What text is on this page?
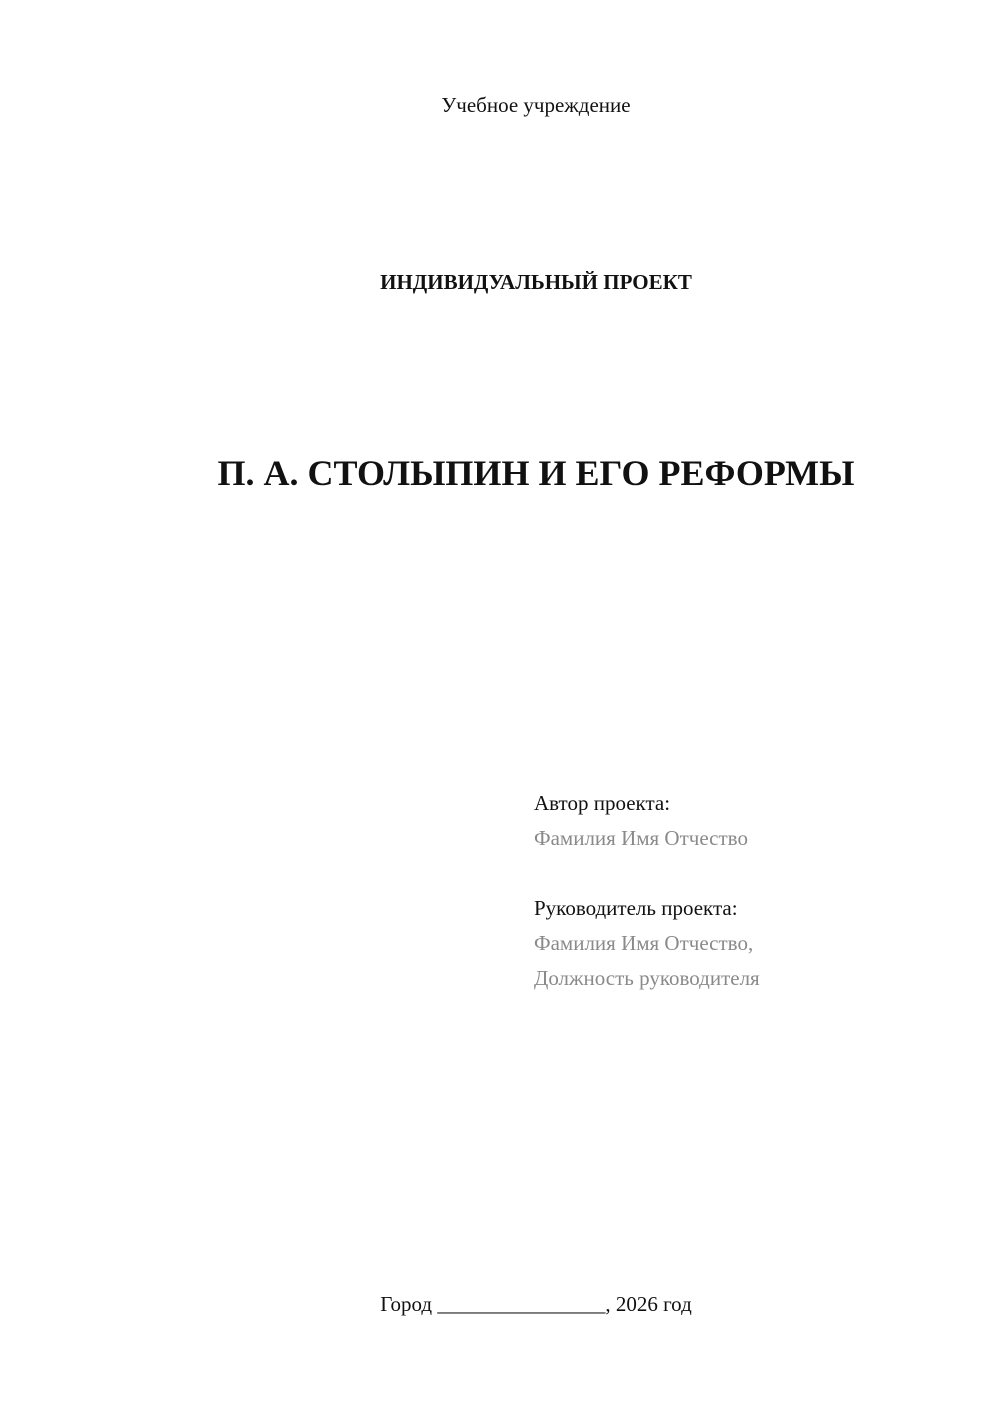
Учебное учреждение
ИНДИВИДУАЛЬНЫЙ ПРОЕКТ
П. А. СТОЛЫПИН И ЕГО РЕФОРМЫ
Автор проекта:
Фамилия Имя Отчество
Руководитель проекта:
Фамилия Имя Отчество,
Должность руководителя
Город ________________, 2026 год
